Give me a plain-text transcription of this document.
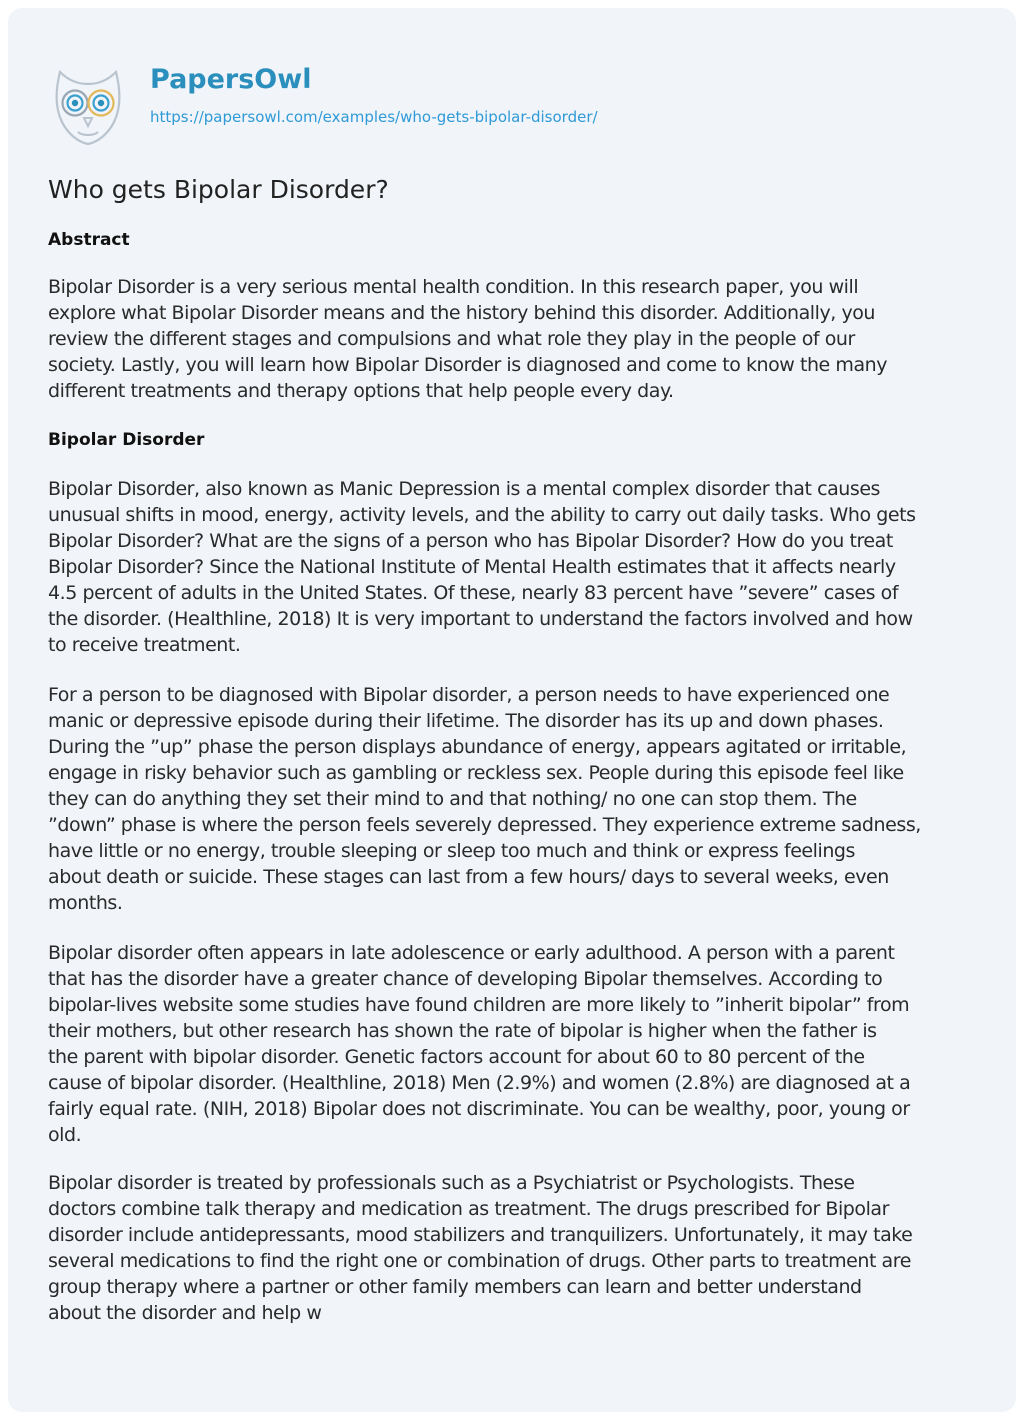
PapersOwl
https://papersowl.com/examples/who-gets-bipolar-disorder/
Who gets Bipolar Disorder?
Abstract

Bipolar Disorder is a very serious mental health condition. In this research paper, you will
explore what Bipolar Disorder means and the history behind this disorder. Additionally, you
review the different stages and compulsions and what role they play in the people of our
society. Lastly, you will learn how Bipolar Disorder is diagnosed and come to know the many
different treatments and therapy options that help people every day.

Bipolar Disorder

Bipolar Disorder, also known as Manic Depression is a mental complex disorder that causes
unusual shifts in mood, energy, activity levels, and the ability to carry out daily tasks. Who gets
Bipolar Disorder? What are the signs of a person who has Bipolar Disorder? How do you treat
Bipolar Disorder? Since the National Institute of Mental Health estimates that it affects nearly
4.5 percent of adults in the United States. Of these, nearly 83 percent have ”severe” cases of
the disorder. (Healthline, 2018) It is very important to understand the factors involved and how
to receive treatment.

For a person to be diagnosed with Bipolar disorder, a person needs to have experienced one
manic or depressive episode during their lifetime. The disorder has its up and down phases.
During the ”up” phase the person displays abundance of energy, appears agitated or irritable,
engage in risky behavior such as gambling or reckless sex. People during this episode feel like
they can do anything they set their mind to and that nothing/ no one can stop them. The
”down” phase is where the person feels severely depressed. They experience extreme sadness,
have little or no energy, trouble sleeping or sleep too much and think or express feelings
about death or suicide. These stages can last from a few hours/ days to several weeks, even
months.

Bipolar disorder often appears in late adolescence or early adulthood. A person with a parent
that has the disorder have a greater chance of developing Bipolar themselves. According to
bipolar-lives website some studies have found children are more likely to ”inherit bipolar” from
their mothers, but other research has shown the rate of bipolar is higher when the father is
the parent with bipolar disorder. Genetic factors account for about 60 to 80 percent of the
cause of bipolar disorder. (Healthline, 2018) Men (2.9%) and women (2.8%) are diagnosed at a
fairly equal rate. (NIH, 2018) Bipolar does not discriminate. You can be wealthy, poor, young or
old.

Bipolar disorder is treated by professionals such as a Psychiatrist or Psychologists. These
doctors combine talk therapy and medication as treatment. The drugs prescribed for Bipolar
disorder include antidepressants, mood stabilizers and tranquilizers. Unfortunately, it may take
several medications to find the right one or combination of drugs. Other parts to treatment are
group therapy where a partner or other family members can learn and better understand
about the disorder and help w
